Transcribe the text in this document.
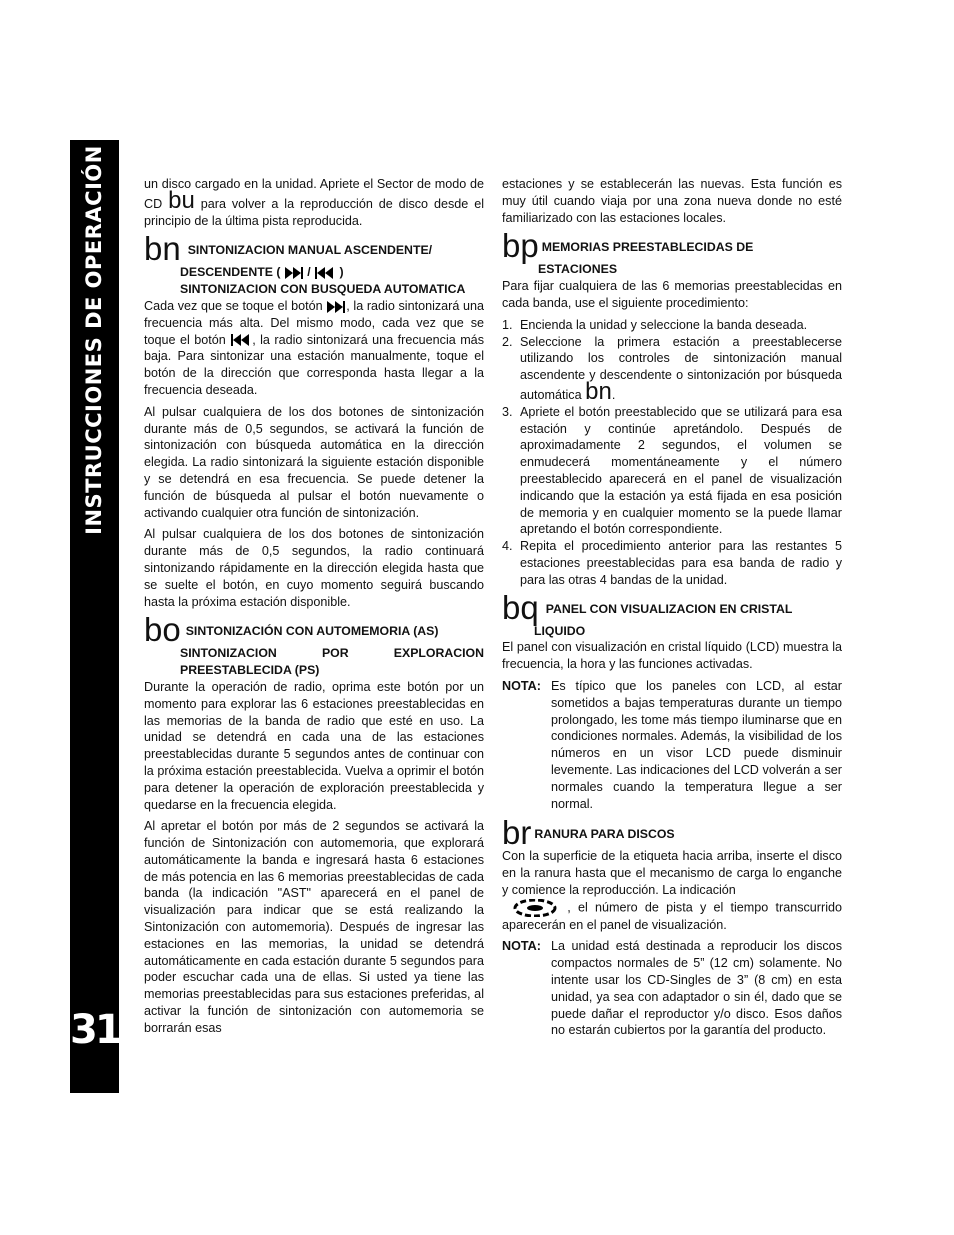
INSTRUCCIONES DE OPERACIÓN
31

un disco cargado en la unidad. Apriete el Sector de modo de CD bu para volver a la reproducción de disco desde el principio de la última pista reproducida.

bn SINTONIZACION MANUAL ASCENDENTE/
DESCENDENTE ( / )
SINTONIZACION CON BUSQUEDA AUTOMATICA

Cada vez que se toque el botón , la radio sintonizará una frecuencia más alta. Del mismo modo, cada vez que se toque el botón , la radio sintonizará una frecuencia más baja. Para sintonizar una estación manualmente, toque el botón de la dirección que corresponda hasta llegar a la frecuencia deseada.

Al pulsar cualquiera de los dos botones de sintonización durante más de 0,5 segundos, se activará la función de sintonización con búsqueda automática en la dirección elegida. La radio sintonizará la siguiente estación disponible y se detendrá en esa frecuencia. Se puede detener la función de búsqueda al pulsar el botón nuevamente o activando cualquier otra función de sintonización.

Al pulsar cualquiera de los dos botones de sintonización durante más de 0,5 segundos, la radio continuará sintonizando rápidamente en la dirección elegida hasta que se suelte el botón, en cuyo momento seguirá buscando hasta la próxima estación disponible.

bo SINTONIZACIÓN CON AUTOMEMORIA (AS)
SINTONIZACION POR EXPLORACION PREESTABLECIDA (PS)

Durante la operación de radio, oprima este botón por un momento para explorar las 6 estaciones preestablecidas en las memorias de la banda de radio que esté en uso. La unidad se detendrá en cada una de las estaciones preestablecidas durante 5 segundos antes de continuar con la próxima estación preestablecida. Vuelva a oprimir el botón para detener la operación de exploración preestablecida y quedarse en la frecuencia elegida.

Al apretar el botón por más de 2 segundos se activará la función de Sintonización con automemoria, que explorará automáticamente la banda e ingresará hasta 6 estaciones de más potencia en las 6 memorias preestablecidas de cada banda (la indicación "AST" aparecerá en el panel de visualización para indicar que se está realizando la Sintonización con automemoria). Después de ingresar las estaciones en las memorias, la unidad se detendrá automáticamente en cada estación durante 5 segundos para poder escuchar cada una de ellas. Si usted ya tiene las memorias preestablecidas para sus estaciones preferidas, al activar la función de sintonización con automemoria se borrarán esas

estaciones y se establecerán las nuevas. Esta función es muy útil cuando viaja por una zona nueva donde no esté familiarizado con las estaciones locales.

bp MEMORIAS PREESTABLECIDAS DE
ESTACIONES

Para fijar cualquiera de las 6 memorias preestablecidas en cada banda, use el siguiente procedimiento:

1. Encienda la unidad y seleccione la banda deseada.
2. Seleccione la primera estación a preestablecerse utilizando los controles de sintonización manual ascendente y descendente o sintonización por búsqueda automática bn.
3. Apriete el botón preestablecido que se utilizará para esa estación y continúe apretándolo. Después de aproximadamente 2 segundos, el volumen se enmudecerá momentáneamente y el número preestablecido aparecerá en el panel de visualización indicando que la estación ya está fijada en esa posición de memoria y en cualquier momento se la puede llamar apretando el botón correspondiente.
4. Repita el procedimiento anterior para las restantes 5 estaciones preestablecidas para esa banda de radio y para las otras 4 bandas de la unidad.
bq PANEL CON VISUALIZACION EN CRISTAL
LIQUIDO

El panel con visualización en cristal líquido (LCD) muestra la frecuencia, la hora y las funciones activadas.

NOTA: Es típico que los paneles con LCD, al estar sometidos a bajas temperaturas durante un tiempo prolongado, les tome más tiempo iluminarse que en condiciones normales. Además, la visibilidad de los números en un visor LCD puede disminuir levemente. Las indicaciones del LCD volverán a ser normales cuando la temperatura llegue a ser normal.
br RANURA PARA DISCOS

Con la superficie de la etiqueta hacia arriba, inserte el disco en la ranura hasta que el mecanismo de carga lo enganche y comience la reproducción. La indicación
, el número de pista y el tiempo transcurrido aparecerán en el panel de visualización.

NOTA: La unidad está destinada a reproducir los discos compactos normales de 5” (12 cm) solamente. No intente usar los CD-Singles de 3” (8 cm) en esta unidad, ya sea con adaptador o sin él, dado que se puede dañar el reproductor y/o disco. Esos daños no estarán cubiertos por la garantía del producto.
